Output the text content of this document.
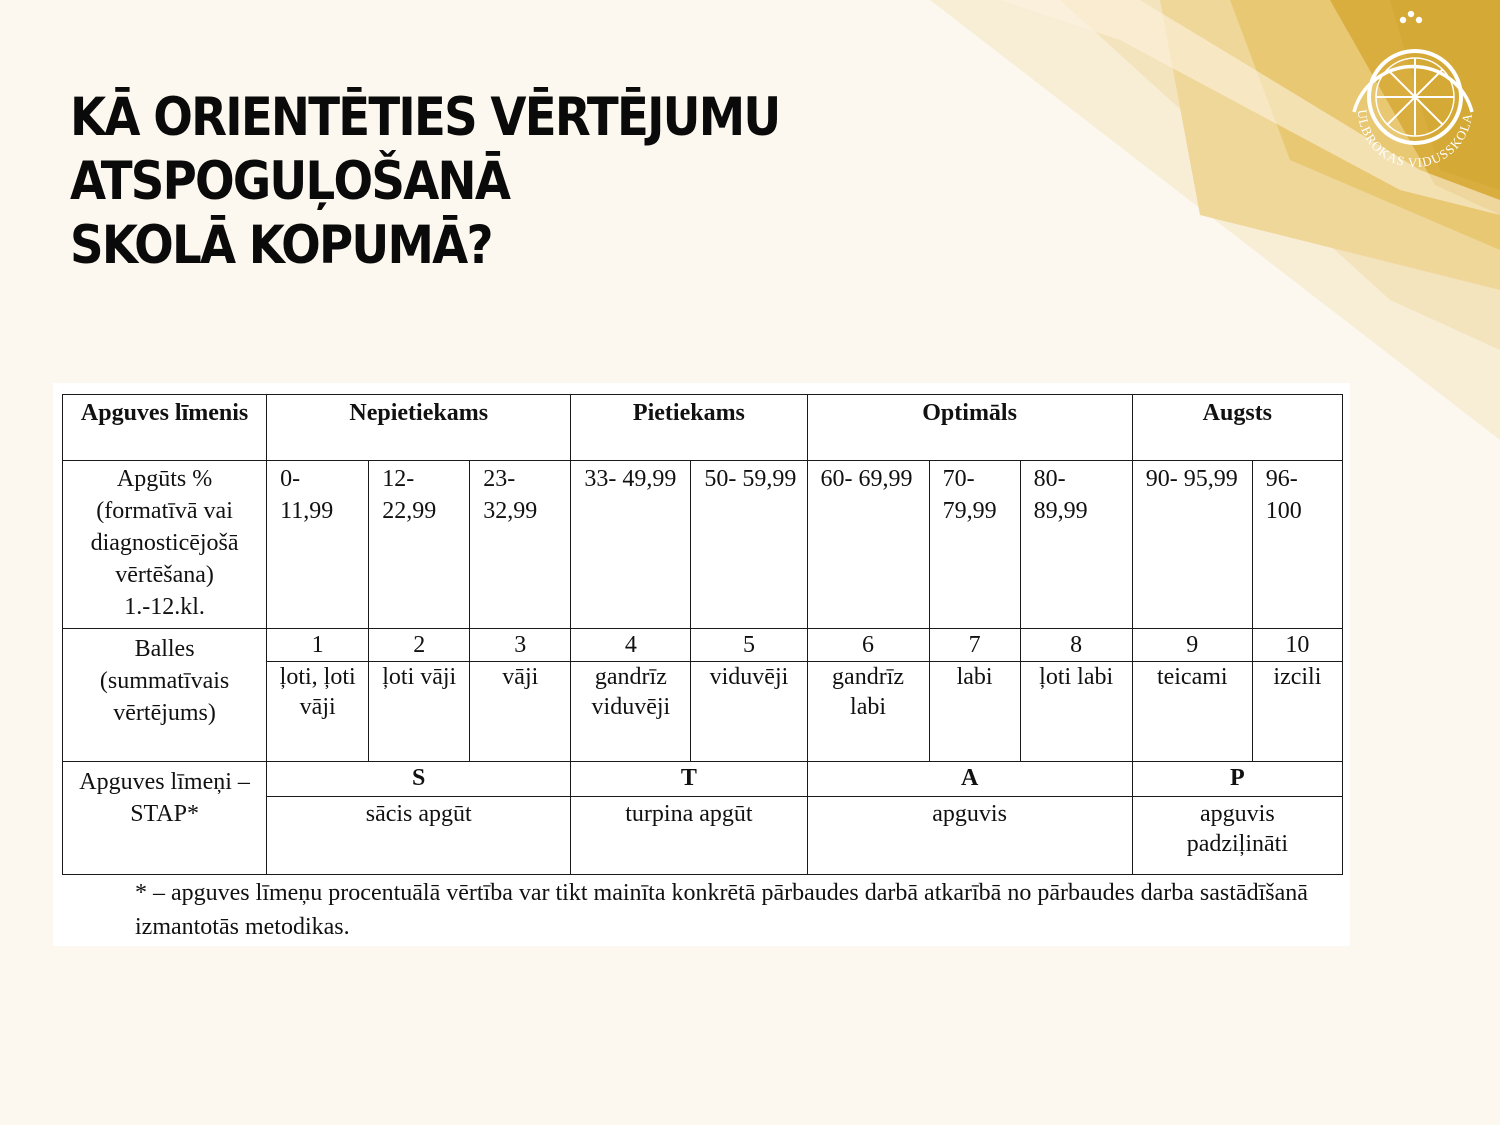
ULBROKAS VIDUSSKOLA
KĀ ORIENTĒTIES VĒRTĒJUMU ATSPOGUĻOŠANĀ
SKOLĀ KOPUMĀ?
Apguves līmenis	Nepietiekams			Pietiekams		Optimāls			Augsts	
Apgūts % (formatīvā vai diagnosticējošā vērtēšana) 1.-12.kl.	0- 11,99	12- 22,99	23- 32,99	33- 49,99	50- 59,99	60- 69,99	70- 79,99	80- 89,99	90- 95,99	96- 100
Balles (summatīvais vērtējums)	1	2	3	4	5	6	7	8	9	10
	ļoti, ļoti vāji	ļoti vāji	vāji	gandrīz viduvēji	viduvēji	gandrīz labi	labi	ļoti labi	teicami	izcili
Apguves līmeņi – STAP*	S			T		A			P	
	sācis apgūt			turpina apgūt		apguvis			apguvis padziļināti	
* – apguves līmeņu procentuālā vērtība var tikt mainīta konkrētā pārbaudes darbā atkarībā no pārbaudes darba sastādīšanā izmantotās metodikas.
